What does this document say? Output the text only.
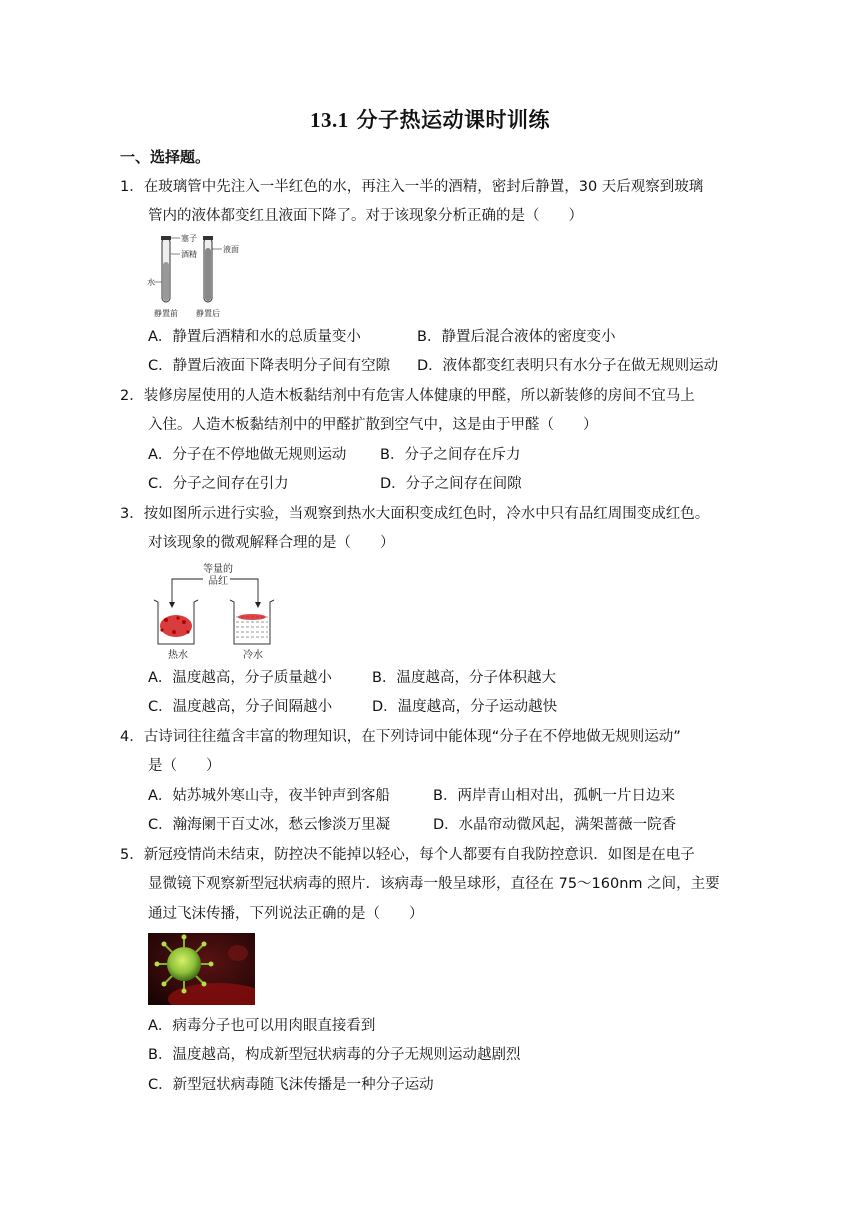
13.1 分子热运动课时训练
一、选择题。
1．在玻璃管中先注入一半红色的水，再注入一半的酒精，密封后静置，30 天后观察到玻璃
管内的液体都变红且液面下降了。对于该现象分析正确的是（　　）
塞子
酒精
液面
水
静置前 静置后
A．静置后酒精和水的总质量变小	B．静置后混合液体的密度变小
C．静置后液面下降表明分子间有空隙 D．液体都变红表明只有水分子在做无规则运动
2．装修房屋使用的人造木板黏结剂中有危害人体健康的甲醛，所以新装修的房间不宜马上
入住。人造木板黏结剂中的甲醛扩散到空气中，这是由于甲醛（　　）
A．分子在不停地做无规则运动 B．分子之间存在斥力
C．分子之间存在引力	D．分子之间存在间隙
3．按如图所示进行实验，当观察到热水大面积变成红色时，冷水中只有品红周围变成红色。
对该现象的微观解释合理的是（　　）
等量的
品红
热水	冷水
A．温度越高，分子质量越小	B．温度越高，分子体积越大
C．温度越高，分子间隔越小	D．温度越高，分子运动越快
4．古诗词往往蕴含丰富的物理知识，在下列诗词中能体现“分子在不停地做无规则运动”
是（　　）
A．姑苏城外寒山寺，夜半钟声到客船	B．两岸青山相对出，孤帆一片日边来
C．瀚海阑干百丈冰，愁云惨淡万里凝	D．水晶帘动微风起，满架蔷薇一院香
5．新冠疫情尚未结束，防控决不能掉以轻心，每个人都要有自我防控意识．如图是在电子
显微镜下观察新型冠状病毒的照片．该病毒一般呈球形，直径在 75～160nm 之间，主要
通过飞沫传播，下列说法正确的是（　　）
A．病毒分子也可以用肉眼直接看到
B．温度越高，构成新型冠状病毒的分子无规则运动越剧烈
C．新型冠状病毒随飞沫传播是一种分子运动
